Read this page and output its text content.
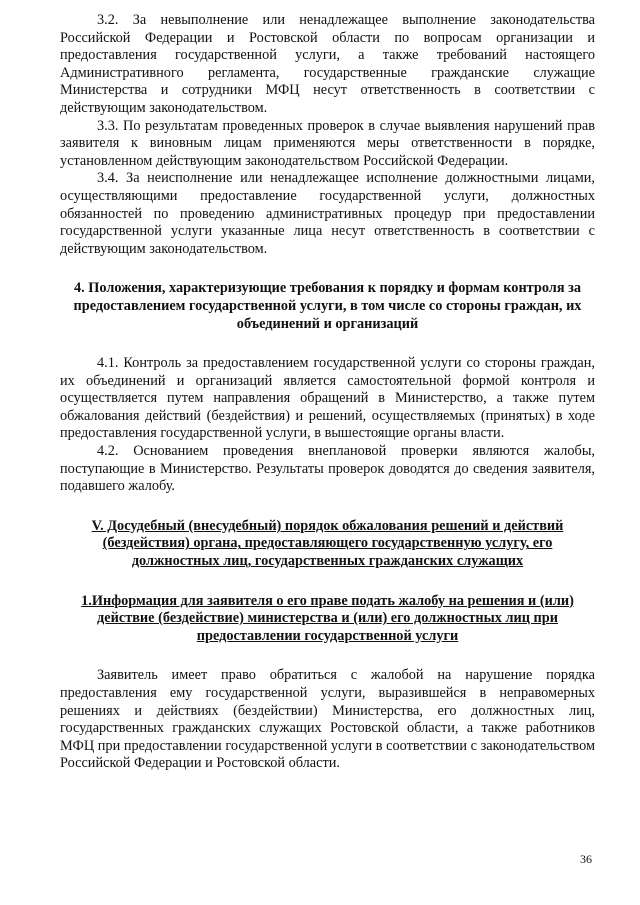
3.2. За невыполнение или ненадлежащее выполнение законодательства Российской Федерации и Ростовской области по вопросам организации и предоставления государственной услуги, а также требований настоящего Административного регламента, государственные гражданские служащие Министерства и сотрудники МФЦ несут ответственность в соответствии с действующим законодательством.

3.3. По результатам проведенных проверок в случае выявления нарушений прав заявителя к виновным лицам применяются меры ответственности в порядке, установленном действующим законодательством Российской Федерации.

3.4. За неисполнение или ненадлежащее исполнение должностными лицами, осуществляющими предоставление государственной услуги, должностных обязанностей по проведению административных процедур при предоставлении государственной услуги указанные лица несут ответственность в соответствии с действующим законодательством.

4. Положения, характеризующие требования к порядку и формам контроля за предоставлением государственной услуги, в том числе со стороны граждан, их объединений и организаций

4.1. Контроль за предоставлением государственной услуги со стороны граждан, их объединений и организаций является самостоятельной формой контроля и осуществляется путем направления обращений в Министерство, а также путем обжалования действий (бездействия) и решений, осуществляемых (принятых) в ходе предоставления государственной услуги, в вышестоящие органы власти.

4.2. Основанием проведения внеплановой проверки являются жалобы, поступающие в Министерство. Результаты проверок доводятся до сведения заявителя, подавшего жалобу.

V. Досудебный (внесудебный) порядок обжалования решений и действий (бездействия) органа, предоставляющего государственную услугу, его должностных лиц, государственных гражданских служащих
1.Информация для заявителя о его праве подать жалобу на решения и (или) действие (бездействие) министерства и (или) его должностных лиц при предоставлении государственной услуги

Заявитель имеет право обратиться с жалобой на нарушение порядка предоставления ему государственной услуги, выразившейся в неправомерных решениях и действиях (бездействии) Министерства, его должностных лиц, государственных гражданских служащих Ростовской области, а также работников МФЦ при предоставлении государственной услуги в соответствии с законодательством Российской Федерации и Ростовской области.

36
